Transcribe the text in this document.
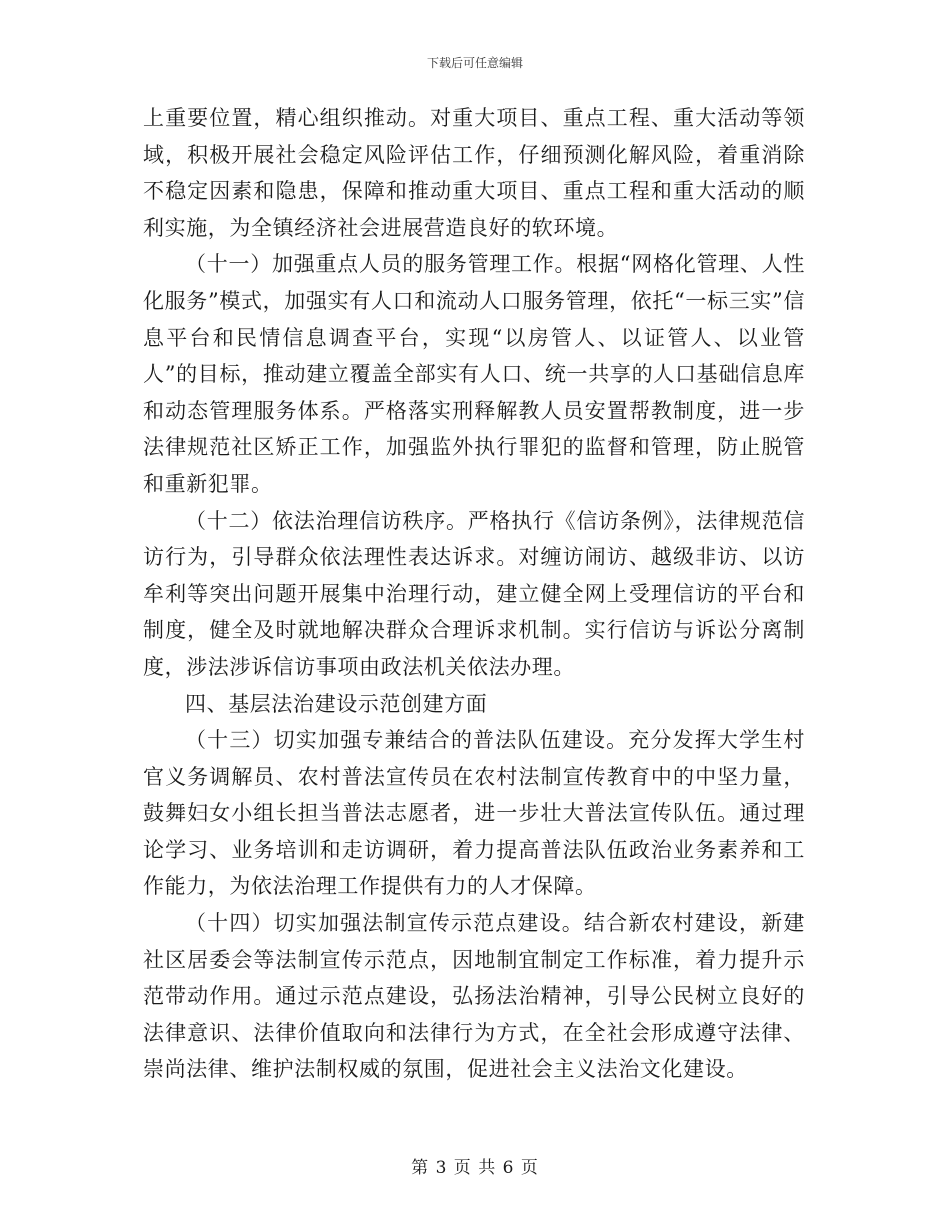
下载后可任意编辑

上重要位置，精心组织推动。对重大项目、重点工程、重大活动等领域，积极开展社会稳定风险评估工作，仔细预测化解风险，着重消除不稳定因素和隐患，保障和推动重大项目、重点工程和重大活动的顺利实施，为全镇经济社会进展营造良好的软环境。

（十一）加强重点人员的服务管理工作。根据“网格化管理、人性化服务”模式，加强实有人口和流动人口服务管理，依托“一标三实”信息平台和民情信息调查平台，实现“以房管人、以证管人、以业管人”的目标，推动建立覆盖全部实有人口、统一共享的人口基础信息库和动态管理服务体系。严格落实刑释解教人员安置帮教制度，进一步法律规范社区矫正工作，加强监外执行罪犯的监督和管理，防止脱管和重新犯罪。

（十二）依法治理信访秩序。严格执行《信访条例》，法律规范信访行为，引导群众依法理性表达诉求。对缠访闹访、越级非访、以访牟利等突出问题开展集中治理行动，建立健全网上受理信访的平台和制度，健全及时就地解决群众合理诉求机制。实行信访与诉讼分离制度，涉法涉诉信访事项由政法机关依法办理。

四、基层法治建设示范创建方面

（十三）切实加强专兼结合的普法队伍建设。充分发挥大学生村官义务调解员、农村普法宣传员在农村法制宣传教育中的中坚力量，鼓舞妇女小组长担当普法志愿者，进一步壮大普法宣传队伍。通过理论学习、业务培训和走访调研，着力提高普法队伍政治业务素养和工作能力，为依法治理工作提供有力的人才保障。

（十四）切实加强法制宣传示范点建设。结合新农村建设，新建社区居委会等法制宣传示范点，因地制宜制定工作标准，着力提升示范带动作用。通过示范点建设，弘扬法治精神，引导公民树立良好的法律意识、法律价值取向和法律行为方式，在全社会形成遵守法律、崇尚法律、维护法制权威的氛围，促进社会主义法治文化建设。

第 3 页 共 6 页
